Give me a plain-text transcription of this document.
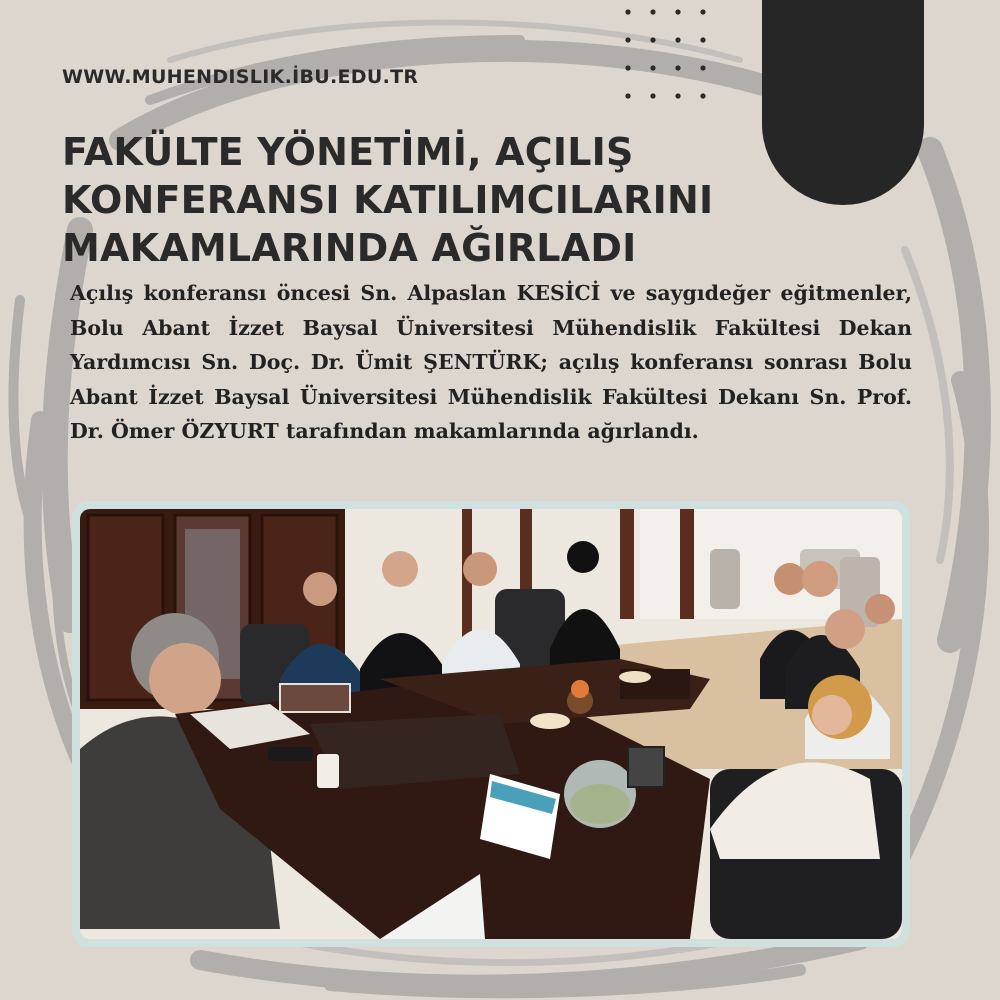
WWW.MUHENDISLIK.İBU.EDU.TR
FAKÜLTE YÖNETİMİ, AÇILIŞ
KONFERANSI KATILIMCILARINI
MAKAMLARINDA AĞIRLADI

Açılış konferansı öncesi Sn. Alpaslan KESİCİ ve saygıdeğer eğitmenler, Bolu Abant İzzet Baysal Üniversitesi Mühendislik Fakültesi Dekan Yardımcısı Sn. Doç. Dr. Ümit ŞENTÜRK; açılış konferansı sonrası Bolu Abant İzzet Baysal Üniversitesi Mühendislik Fakültesi Dekanı Sn. Prof. Dr. Ömer ÖZYURT tarafından makamlarında ağırlandı.
